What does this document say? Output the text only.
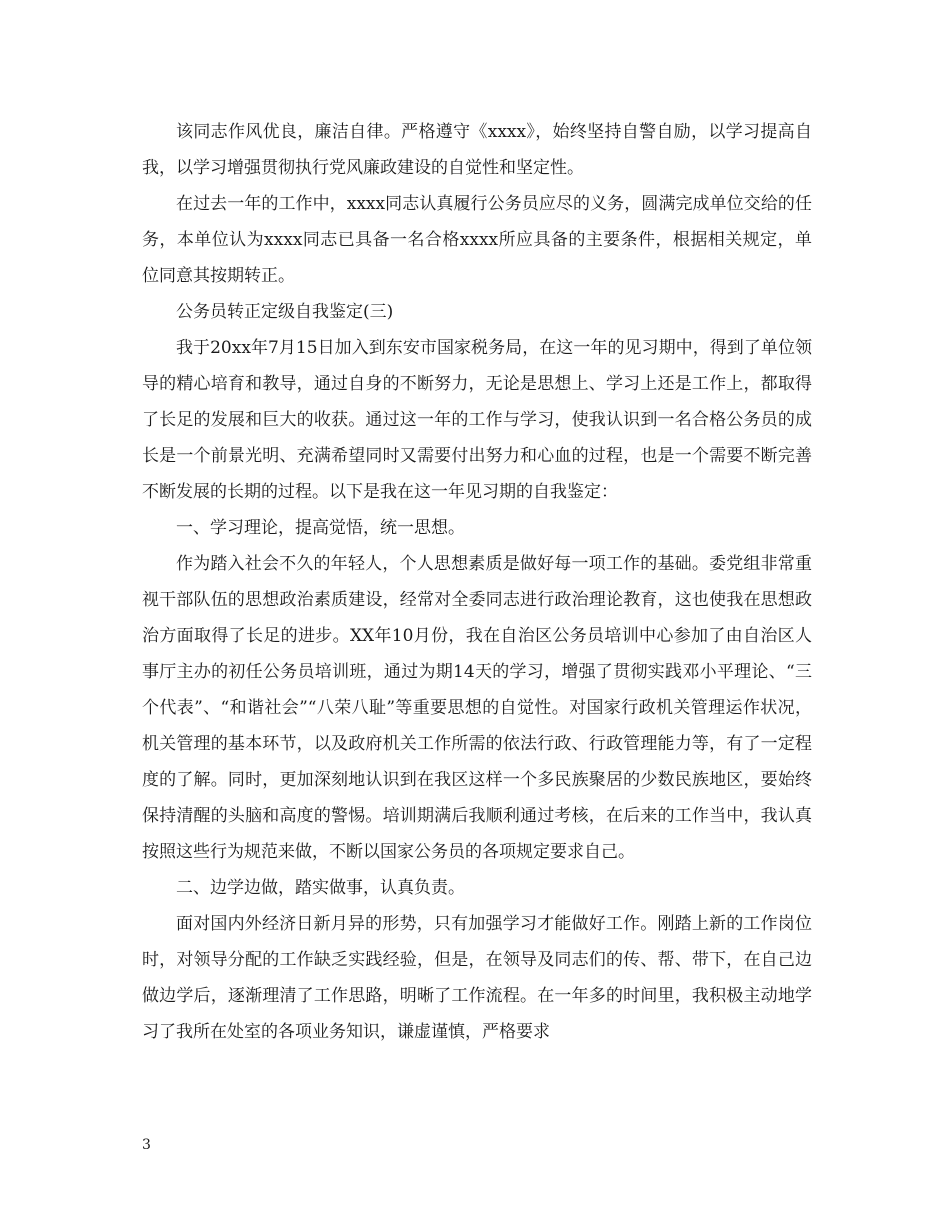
该同志作风优良，廉洁自律。严格遵守《xxxx》，始终坚持自警自励，以学习提高自我，以学习增强贯彻执行党风廉政建设的自觉性和坚定性。

在过去一年的工作中，xxxx同志认真履行公务员应尽的义务，圆满完成单位交给的任务，本单位认为xxxx同志已具备一名合格xxxx所应具备的主要条件，根据相关规定，单位同意其按期转正。

公务员转正定级自我鉴定(三)

我于20xx年7月15日加入到东安市国家税务局，在这一年的见习期中，得到了单位领导的精心培育和教导，通过自身的不断努力，无论是思想上、学习上还是工作上，都取得了长足的发展和巨大的收获。通过这一年的工作与学习，使我认识到一名合格公务员的成长是一个前景光明、充满希望同时又需要付出努力和心血的过程，也是一个需要不断完善不断发展的长期的过程。以下是我在这一年见习期的自我鉴定：

一、学习理论，提高觉悟，统一思想。

作为踏入社会不久的年轻人，个人思想素质是做好每一项工作的基础。委党组非常重视干部队伍的思想政治素质建设，经常对全委同志进行政治理论教育，这也使我在思想政治方面取得了长足的进步。XX年10月份，我在自治区公务员培训中心参加了由自治区人事厅主办的初任公务员培训班，通过为期14天的学习，增强了贯彻实践邓小平理论、“三个代表”、“和谐社会”“八荣八耻”等重要思想的自觉性。对国家行政机关管理运作状况，机关管理的基本环节，以及政府机关工作所需的依法行政、行政管理能力等，有了一定程度的了解。同时，更加深刻地认识到在我区这样一个多民族聚居的少数民族地区，要始终保持清醒的头脑和高度的警惕。培训期满后我顺利通过考核，在后来的工作当中，我认真按照这些行为规范来做，不断以国家公务员的各项规定要求自己。

二、边学边做，踏实做事，认真负责。

面对国内外经济日新月异的形势，只有加强学习才能做好工作。刚踏上新的工作岗位时，对领导分配的工作缺乏实践经验，但是，在领导及同志们的传、帮、带下，在自己边做边学后，逐渐理清了工作思路，明晰了工作流程。在一年多的时间里，我积极主动地学习了我所在处室的各项业务知识，谦虚谨慎，严格要求

3
